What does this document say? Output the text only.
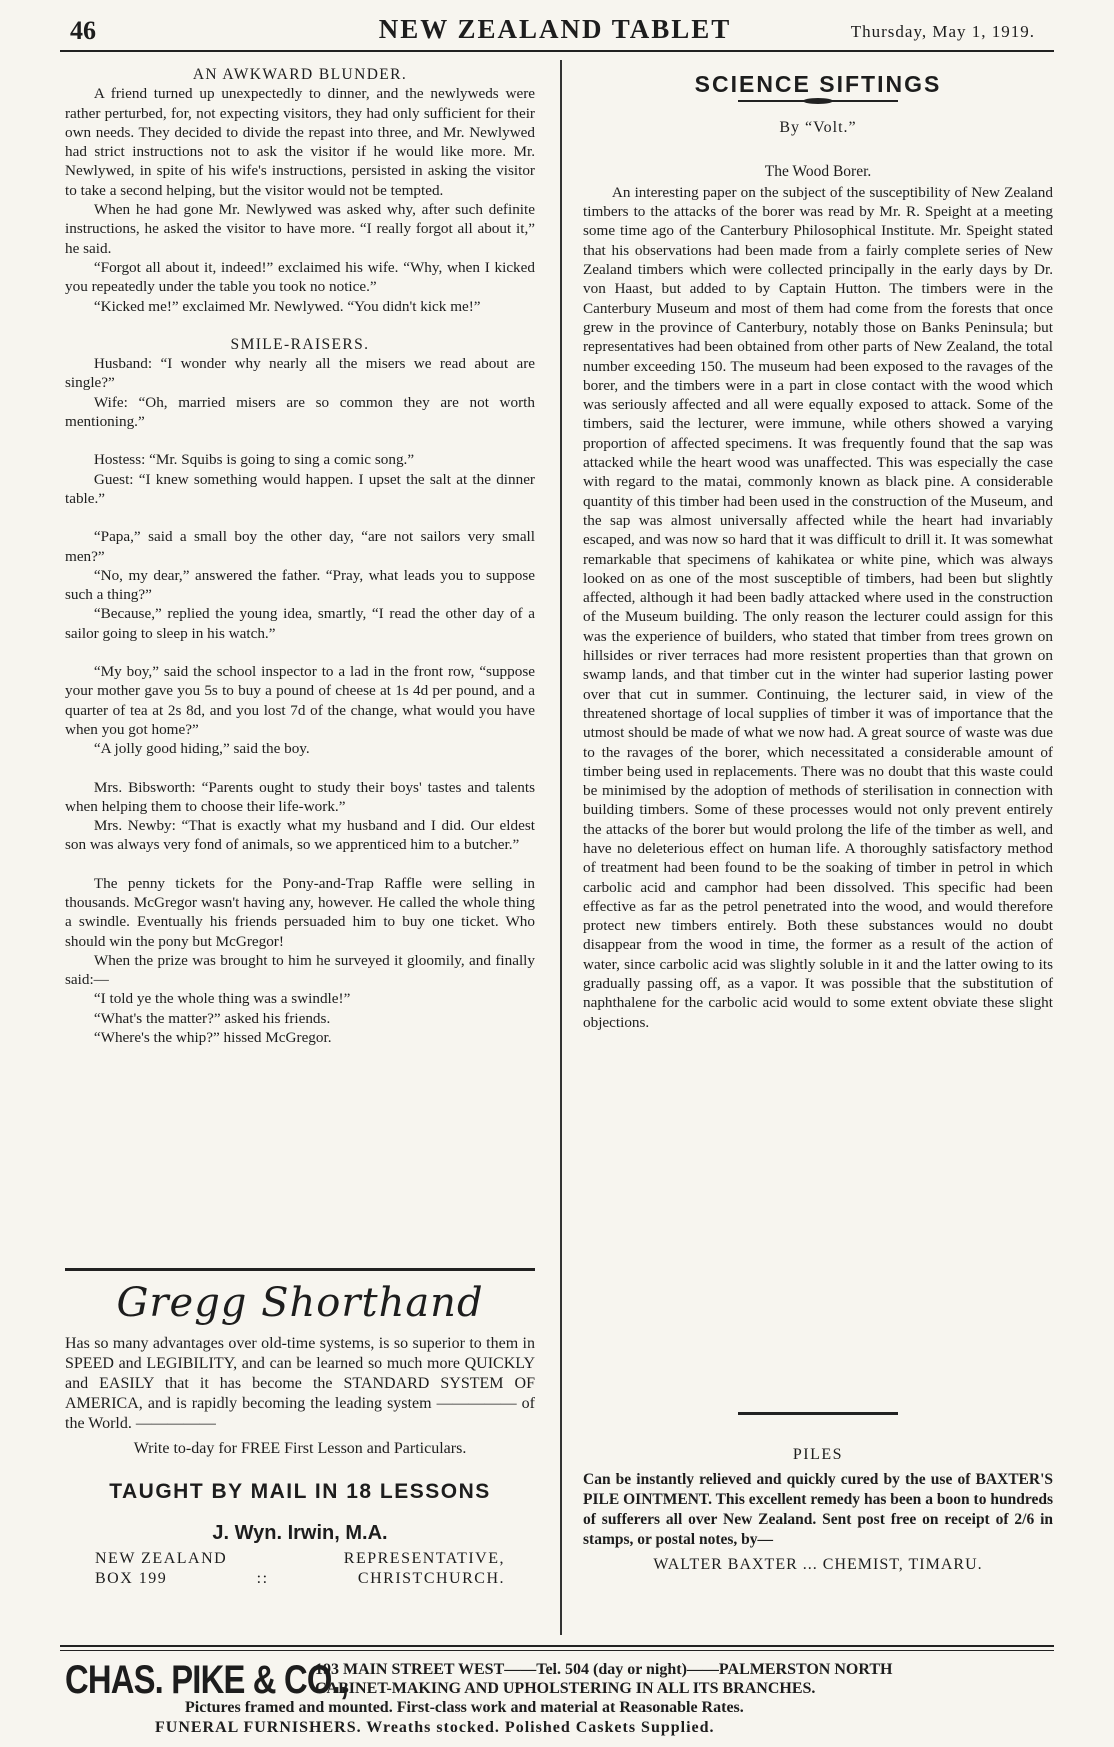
46	NEW ZEALAND TABLET	Thursday, May 1, 1919.

AN AWKWARD BLUNDER.

A friend turned up unexpectedly to dinner, and the newlyweds were rather perturbed, for, not expecting visitors, they had only sufficient for their own needs. They decided to divide the repast into three, and Mr. Newlywed had strict instructions not to ask the visitor if he would like more. Mr. Newlywed, in spite of his wife's instructions, persisted in asking the visitor to take a second helping, but the visitor would not be tempted.

When he had gone Mr. Newlywed was asked why, after such definite instructions, he asked the visitor to have more. “I really forgot all about it,” he said.

“Forgot all about it, indeed!” exclaimed his wife. “Why, when I kicked you repeatedly under the table you took no notice.”

“Kicked me!” exclaimed Mr. Newlywed. “You didn't kick me!”

SMILE-RAISERS.

Husband: “I wonder why nearly all the misers we read about are single?”

Wife: “Oh, married misers are so common they are not worth mentioning.”

Hostess: “Mr. Squibs is going to sing a comic song.”

Guest: “I knew something would happen. I upset the salt at the dinner table.”

“Papa,” said a small boy the other day, “are not sailors very small men?”

“No, my dear,” answered the father. “Pray, what leads you to suppose such a thing?”

“Because,” replied the young idea, smartly, “I read the other day of a sailor going to sleep in his watch.”

“My boy,” said the school inspector to a lad in the front row, “suppose your mother gave you 5s to buy a pound of cheese at 1s 4d per pound, and a quarter of tea at 2s 8d, and you lost 7d of the change, what would you have when you got home?”

“A jolly good hiding,” said the boy.

Mrs. Bibsworth: “Parents ought to study their boys' tastes and talents when helping them to choose their life-work.”

Mrs. Newby: “That is exactly what my husband and I did. Our eldest son was always very fond of animals, so we apprenticed him to a butcher.”

The penny tickets for the Pony-and-Trap Raffle were selling in thousands. McGregor wasn't having any, however. He called the whole thing a swindle. Eventually his friends persuaded him to buy one ticket. Who should win the pony but McGregor!

When the prize was brought to him he surveyed it gloomily, and finally said:—

“I told ye the whole thing was a swindle!”

“What's the matter?” asked his friends.

“Where's the whip?” hissed McGregor.

Gregg Shorthand
Has so many advantages over old-time systems, is so superior to them in SPEED and LEGIBILITY, and can be learned so much more QUICKLY and EASILY that it has become the STANDARD SYSTEM OF AMERICA, and is rapidly becoming the leading system ————— of the World. —————
Write to-day for FREE First Lesson and Particulars.
TAUGHT BY MAIL IN 18 LESSONS
J. Wyn. Irwin, M.A.
NEW ZEALAND	REPRESENTATIVE,
BOX 199	::	CHRISTCHURCH.
SCIENCE SIFTINGS
By “Volt.”
The Wood Borer.

An interesting paper on the subject of the susceptibility of New Zealand timbers to the attacks of the borer was read by Mr. R. Speight at a meeting some time ago of the Canterbury Philosophical Institute. Mr. Speight stated that his observations had been made from a fairly complete series of New Zealand timbers which were collected principally in the early days by Dr. von Haast, but added to by Captain Hutton. The timbers were in the Canterbury Museum and most of them had come from the forests that once grew in the province of Canterbury, notably those on Banks Peninsula; but representatives had been obtained from other parts of New Zealand, the total number exceeding 150. The museum had been exposed to the ravages of the borer, and the timbers were in a part in close contact with the wood which was seriously affected and all were equally exposed to attack. Some of the timbers, said the lecturer, were immune, while others showed a varying proportion of affected specimens. It was frequently found that the sap was attacked while the heart wood was unaffected. This was especially the case with regard to the matai, commonly known as black pine. A considerable quantity of this timber had been used in the construction of the Museum, and the sap was almost universally affected while the heart had invariably escaped, and was now so hard that it was difficult to drill it. It was somewhat remarkable that specimens of kahikatea or white pine, which was always looked on as one of the most susceptible of timbers, had been but slightly affected, although it had been badly attacked where used in the construction of the Museum building. The only reason the lecturer could assign for this was the experience of builders, who stated that timber from trees grown on hillsides or river terraces had more resistent properties than that grown on swamp lands, and that timber cut in the winter had superior lasting power over that cut in summer. Continuing, the lecturer said, in view of the threatened shortage of local supplies of timber it was of importance that the utmost should be made of what we now had. A great source of waste was due to the ravages of the borer, which necessitated a considerable amount of timber being used in replacements. There was no doubt that this waste could be minimised by the adoption of methods of sterilisation in connection with building timbers. Some of these processes would not only prevent entirely the attacks of the borer but would prolong the life of the timber as well, and have no deleterious effect on human life. A thoroughly satisfactory method of treatment had been found to be the soaking of timber in petrol in which carbolic acid and camphor had been dissolved. This specific had been effective as far as the petrol penetrated into the wood, and would therefore protect new timbers entirely. Both these substances would no doubt disappear from the wood in time, the former as a result of the action of water, since carbolic acid was slightly soluble in it and the latter owing to its gradually passing off, as a vapor. It was possible that the substitution of naphthalene for the carbolic acid would to some extent obviate these slight objections.

PILES
Can be instantly relieved and quickly cured by the use of BAXTER'S PILE OINTMENT. This excellent remedy has been a boon to hundreds of sufferers all over New Zealand. Sent post free on receipt of 2/6 in stamps, or postal notes, by—
WALTER BAXTER ... CHEMIST, TIMARU.
CHAS. PIKE & CO.,
193 MAIN STREET WEST——Tel. 504 (day or night)——PALMERSTON NORTH
CABINET-MAKING AND UPHOLSTERING IN ALL ITS BRANCHES.
Pictures framed and mounted. First-class work and material at Reasonable Rates.
FUNERAL FURNISHERS. Wreaths stocked. Polished Caskets Supplied.
